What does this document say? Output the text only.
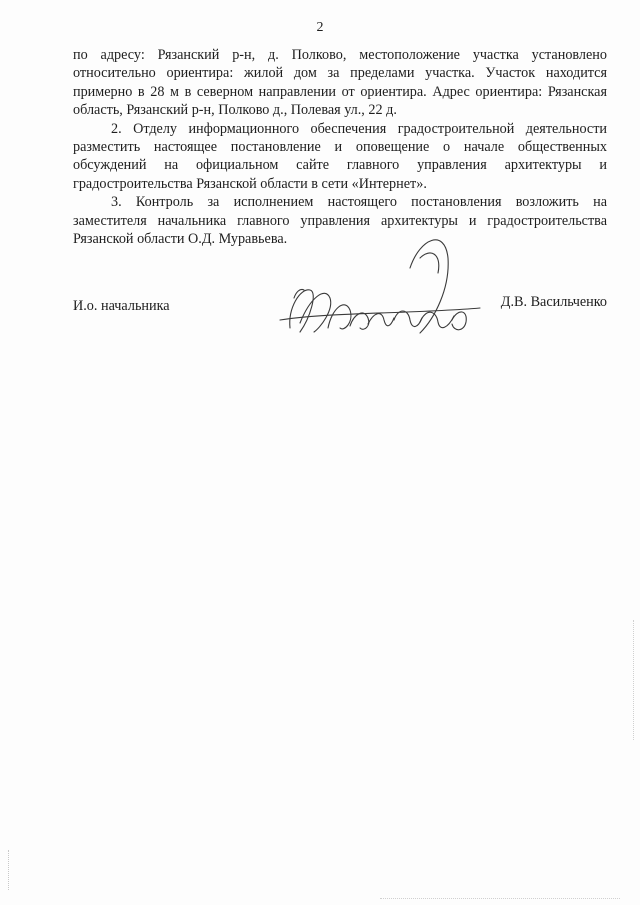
2

по адресу: Рязанский р-н, д. Полково, местоположение участка установлено относительно ориентира: жилой дом за пределами участка. Участок находится примерно в 28 м в северном направлении от ориентира. Адрес ориентира: Рязанская область, Рязанский р-н, Полково д., Полевая ул., 22 д.

2. Отделу информационного обеспечения градостроительной деятельности разместить настоящее постановление и оповещение о начале общественных обсуждений на официальном сайте главного управления архитектуры и градостроительства Рязанской области в сети «Интернет».

3. Контроль за исполнением настоящего постановления возложить на заместителя начальника главного управления архитектуры и градостроительства Рязанской области О.Д. Муравьева.

И.о. начальника	Д.В. Васильченко
